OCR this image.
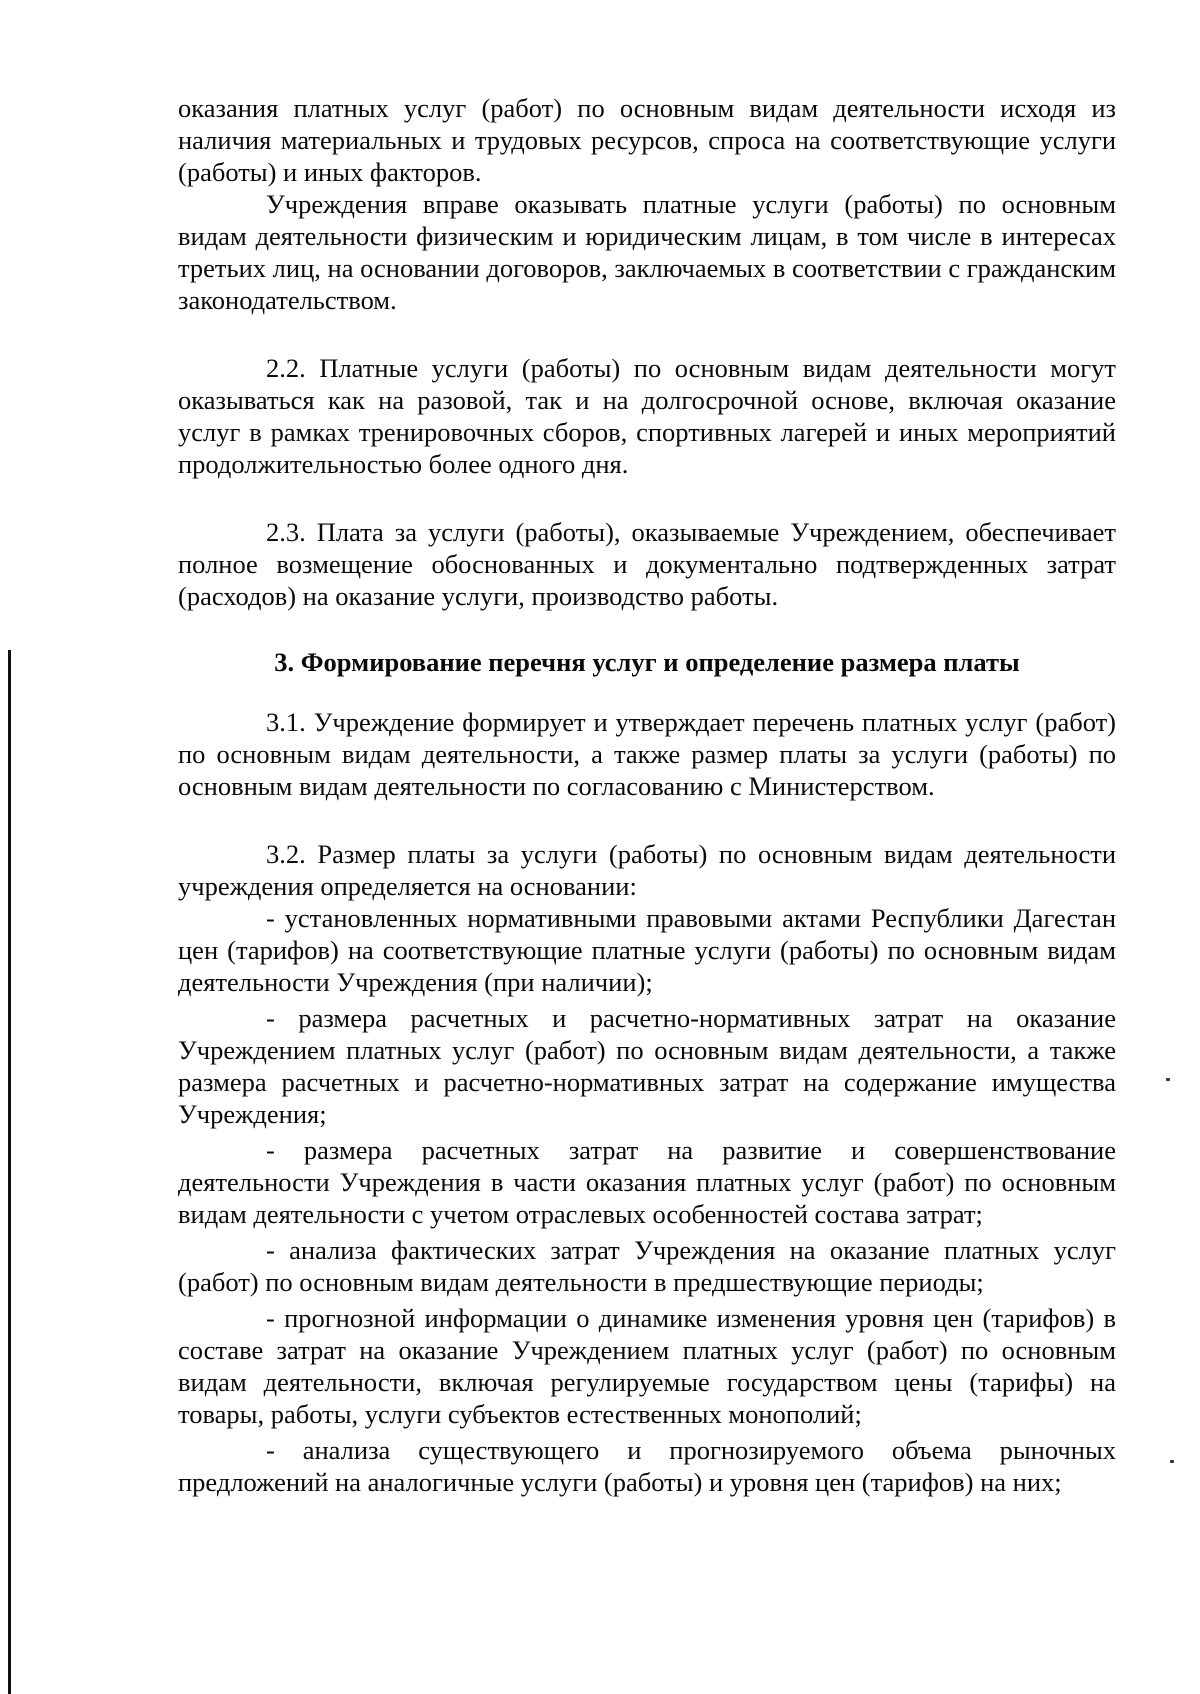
оказания платных услуг (работ) по основным видам деятельности исходя из наличия материальных и трудовых ресурсов, спроса на соответствующие услуги (работы) и иных факторов.

Учреждения вправе оказывать платные услуги (работы) по основным видам деятельности физическим и юридическим лицам, в том числе в интересах третьих лиц, на основании договоров, заключаемых в соответствии с гражданским законодательством.

2.2. Платные услуги (работы) по основным видам деятельности могут оказываться как на разовой, так и на долгосрочной основе, включая оказание услуг в рамках тренировочных сборов, спортивных лагерей и иных мероприятий продолжительностью более одного дня.

2.3. Плата за услуги (работы), оказываемые Учреждением, обеспечивает полное возмещение обоснованных и документально подтвержденных затрат (расходов) на оказание услуги, производство работы.

3. Формирование перечня услуг и определение размера платы

3.1. Учреждение формирует и утверждает перечень платных услуг (работ) по основным видам деятельности, а также размер платы за услуги (работы) по основным видам деятельности по согласованию с Министерством.

3.2. Размер платы за услуги (работы) по основным видам деятельности учреждения определяется на основании:

- установленных нормативными правовыми актами Республики Дагестан цен (тарифов) на соответствующие платные услуги (работы) по основным видам деятельности Учреждения (при наличии);

- размера расчетных и расчетно-нормативных затрат на оказание Учреждением платных услуг (работ) по основным видам деятельности, а также размера расчетных и расчетно-нормативных затрат на содержание имущества Учреждения;

- размера расчетных затрат на развитие и совершенствование деятельности Учреждения в части оказания платных услуг (работ) по основным видам деятельности с учетом отраслевых особенностей состава затрат;

- анализа фактических затрат Учреждения на оказание платных услуг (работ) по основным видам деятельности в предшествующие периоды;

- прогнозной информации о динамике изменения уровня цен (тарифов) в составе затрат на оказание Учреждением платных услуг (работ) по основным видам деятельности, включая регулируемые государством цены (тарифы) на товары, работы, услуги субъектов естественных монополий;

- анализа существующего и прогнозируемого объема рыночных предложений на аналогичные услуги (работы) и уровня цен (тарифов) на них;
